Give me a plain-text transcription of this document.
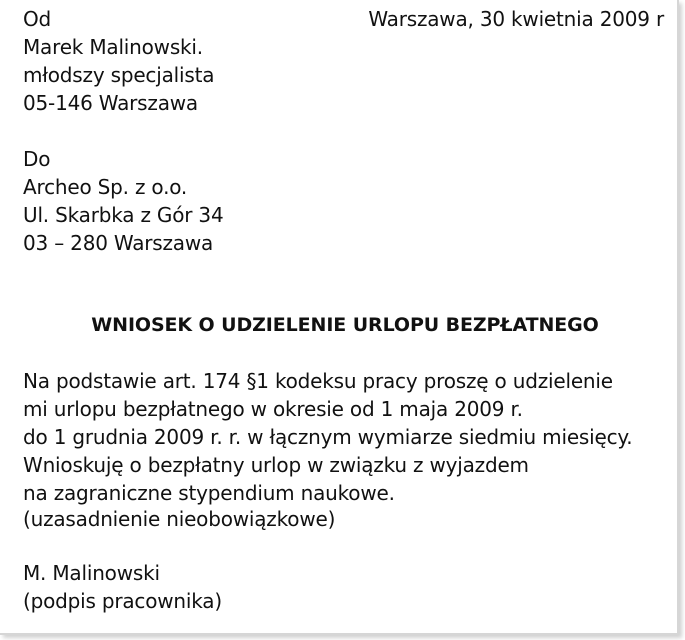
Warszawa, 30 kwietnia 2009 r
Od
Marek Malinowski.
młodszy specjalista
05-146 Warszawa
Do
Archeo Sp. z o.o.
Ul. Skarbka z Gór 34
03 – 280 Warszawa
WNIOSEK O UDZIELENIE URLOPU BEZPŁATNEGO
Na podstawie art. 174 §1 kodeksu pracy proszę o udzielenie
mi urlopu bezpłatnego w okresie od 1 maja 2009 r.
do 1 grudnia 2009 r. r. w łącznym wymiarze siedmiu miesięcy.
Wnioskuję o bezpłatny urlop w związku z wyjazdem
na zagraniczne stypendium naukowe.
(uzasadnienie nieobowiązkowe)
M. Malinowski
(podpis pracownika)
